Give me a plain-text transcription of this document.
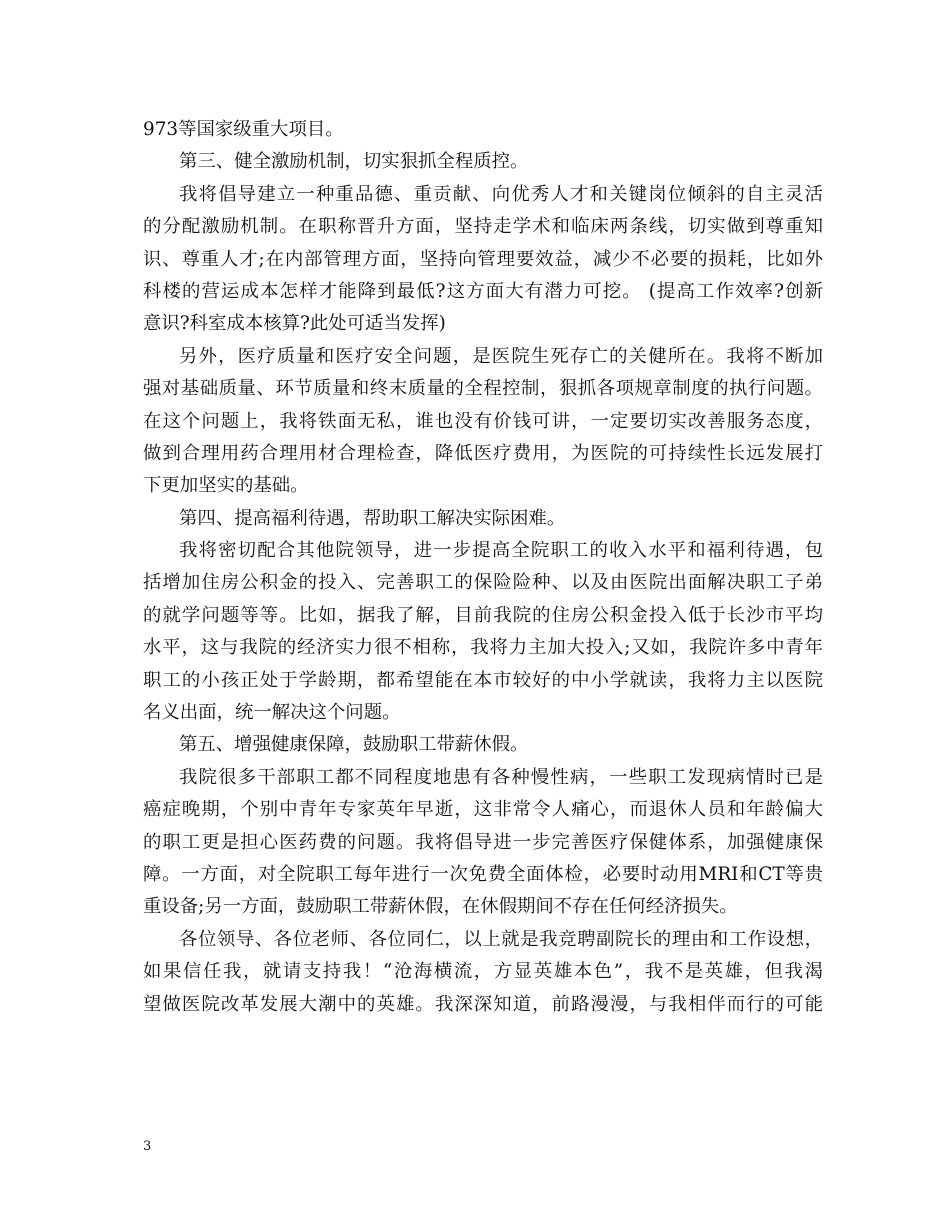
973等国家级重大项目。
第三、健全激励机制，切实狠抓全程质控。
我将倡导建立一种重品德、重贡献、向优秀人才和关键岗位倾斜的自主灵活
的分配激励机制。在职称晋升方面，坚持走学术和临床两条线，切实做到尊重知
识、尊重人才;在内部管理方面，坚持向管理要效益，减少不必要的损耗，比如外
科楼的营运成本怎样才能降到最低?这方面大有潜力可挖。 (提高工作效率?创新
意识?科室成本核算?此处可适当发挥)
另外，医疗质量和医疗安全问题，是医院生死存亡的关健所在。我将不断加
强对基础质量、环节质量和终末质量的全程控制，狠抓各项规章制度的执行问题。
在这个问题上，我将铁面无私，谁也没有价钱可讲，一定要切实改善服务态度，
做到合理用药合理用材合理检查，降低医疗费用，为医院的可持续性长远发展打
下更加坚实的基础。
第四、提高福利待遇，帮助职工解决实际困难。
我将密切配合其他院领导，进一步提高全院职工的收入水平和福利待遇，包
括增加住房公积金的投入、完善职工的保险险种、以及由医院出面解决职工子弟
的就学问题等等。比如，据我了解，目前我院的住房公积金投入低于长沙市平均
水平，这与我院的经济实力很不相称，我将力主加大投入;又如，我院许多中青年
职工的小孩正处于学龄期，都希望能在本市较好的中小学就读，我将力主以医院
名义出面，统一解决这个问题。
第五、增强健康保障，鼓励职工带薪休假。
我院很多干部职工都不同程度地患有各种慢性病，一些职工发现病情时已是
癌症晚期，个别中青年专家英年早逝，这非常令人痛心，而退休人员和年龄偏大
的职工更是担心医药费的问题。我将倡导进一步完善医疗保健体系，加强健康保
障。一方面，对全院职工每年进行一次免费全面体检，必要时动用MRI和CT等贵
重设备;另一方面，鼓励职工带薪休假，在休假期间不存在任何经济损失。
各位领导、各位老师、各位同仁，以上就是我竞聘副院长的理由和工作设想，
如果信任我，就请支持我！“沧海横流，方显英雄本色”，我不是英雄，但我渴
望做医院改革发展大潮中的英雄。我深深知道，前路漫漫，与我相伴而行的可能
3
